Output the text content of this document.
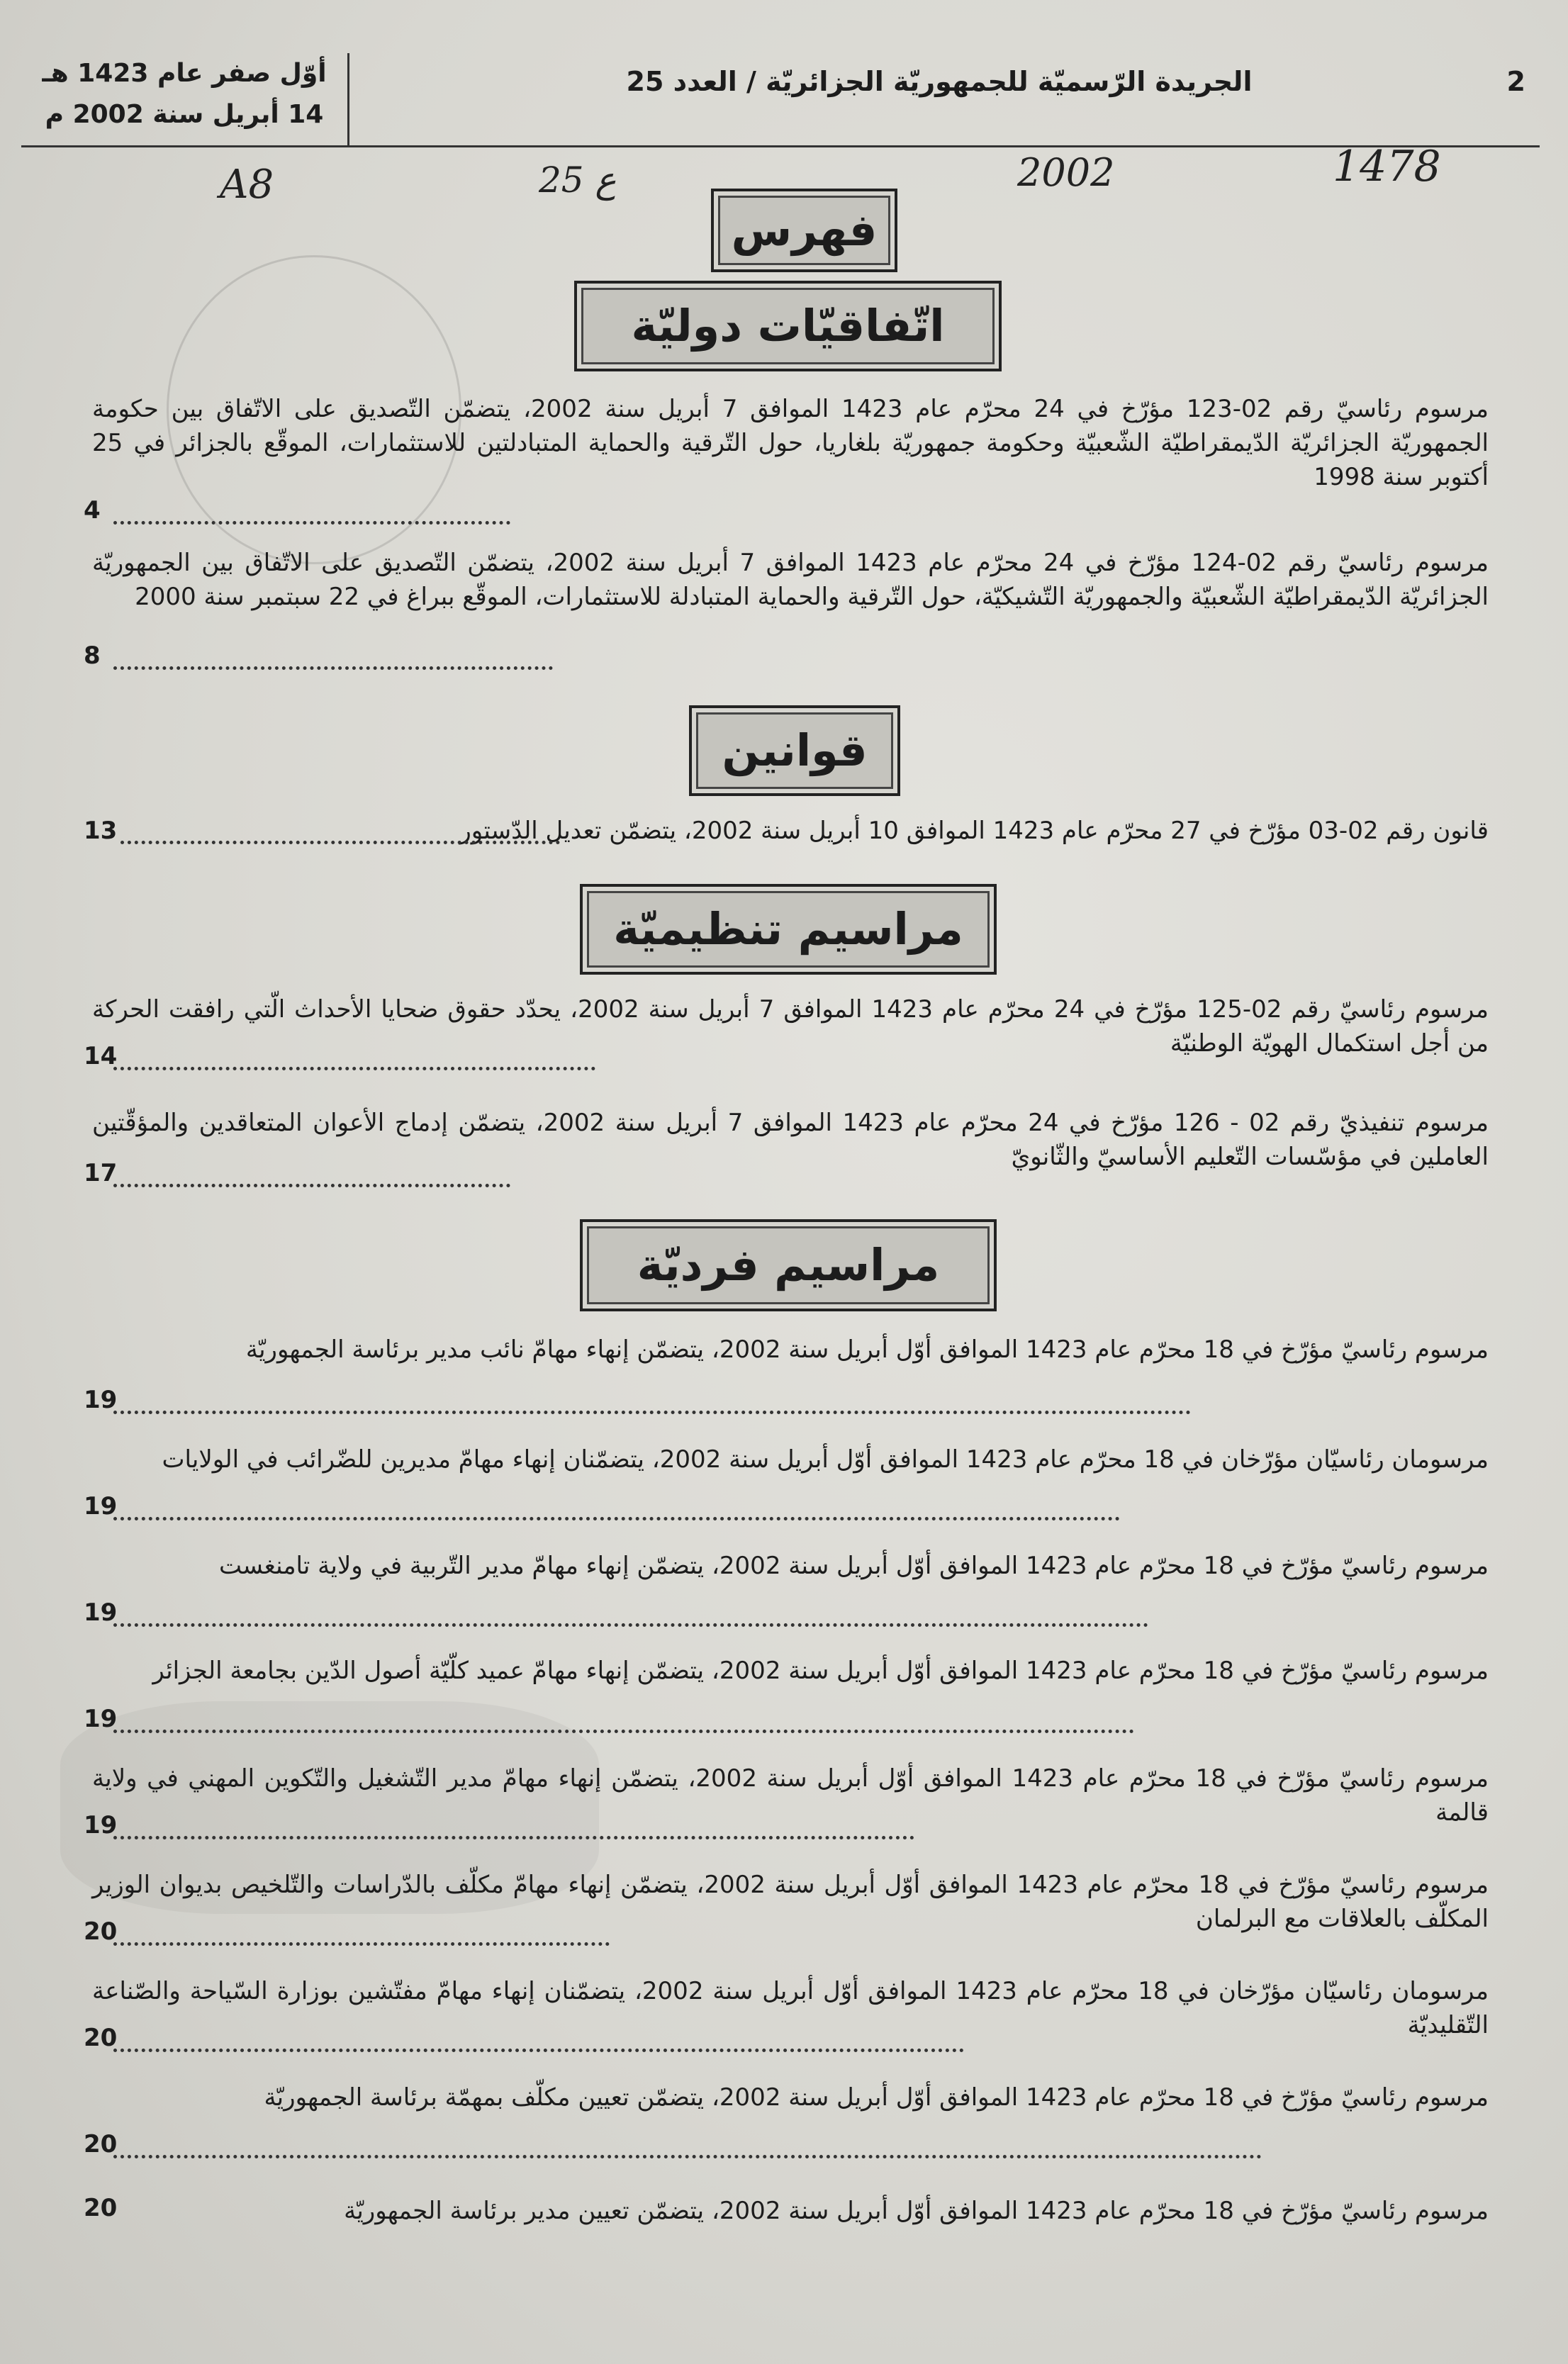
أوّل صفر عام 1423 هـ
14 أبريل سنة 2002 م
الجريدة الرّسميّة للجمهوريّة الجزائريّة / العدد 25	2
A8	25 ع	2002	1478
فهرس
اتّفاقيّات دوليّة
مرسوم رئاسيّ رقم 02-123 مؤرّخ في 24 محرّم عام 1423 الموافق 7 أبريل سنة 2002، يتضمّن التّصديق على الاتّفاق بين حكومة الجمهوريّة الجزائريّة الدّيمقراطيّة الشّعبيّة وحكومة جمهوريّة بلغاريا، حول التّرقية والحماية المتبادلتين للاستثمارات، الموقّع بالجزائر في 25 أكتوبر سنة 1998
4
مرسوم رئاسيّ رقم 02-124 مؤرّخ في 24 محرّم عام 1423 الموافق 7 أبريل سنة 2002، يتضمّن التّصديق على الاتّفاق بين الجمهوريّة الجزائريّة الدّيمقراطيّة الشّعبيّة والجمهوريّة التّشيكيّة، حول التّرقية والحماية المتبادلة للاستثمارات، الموقّع ببراغ في 22 سبتمبر سنة 2000
8
قوانين
قانون رقم 02-03 مؤرّخ في 27 محرّم عام 1423 الموافق 10 أبريل سنة 2002، يتضمّن تعديل الدّستور
13
مراسيم تنظيميّة
مرسوم رئاسيّ رقم 02-125 مؤرّخ في 24 محرّم عام 1423 الموافق 7 أبريل سنة 2002، يحدّد حقوق ضحايا الأحداث الّتي رافقت الحركة من أجل استكمال الهويّة الوطنيّة
14
مرسوم تنفيذيّ رقم 02 - 126 مؤرّخ في 24 محرّم عام 1423 الموافق 7 أبريل سنة 2002، يتضمّن إدماج الأعوان المتعاقدين والمؤقّتين العاملين في مؤسّسات التّعليم الأساسيّ والثّانويّ
17
مراسيم فرديّة
مرسوم رئاسيّ مؤرّخ في 18 محرّم عام 1423 الموافق أوّل أبريل سنة 2002، يتضمّن إنهاء مهامّ نائب مدير برئاسة الجمهوريّة
19
مرسومان رئاسيّان مؤرّخان في 18 محرّم عام 1423 الموافق أوّل أبريل سنة 2002، يتضمّنان إنهاء مهامّ مديرين للضّرائب في الولايات
19
مرسوم رئاسيّ مؤرّخ في 18 محرّم عام 1423 الموافق أوّل أبريل سنة 2002، يتضمّن إنهاء مهامّ مدير التّربية في ولاية تامنغست
19
مرسوم رئاسيّ مؤرّخ في 18 محرّم عام 1423 الموافق أوّل أبريل سنة 2002، يتضمّن إنهاء مهامّ عميد كلّيّة أصول الدّين بجامعة الجزائر
19
مرسوم رئاسيّ مؤرّخ في 18 محرّم عام 1423 الموافق أوّل أبريل سنة 2002، يتضمّن إنهاء مهامّ مدير التّشغيل والتّكوين المهني في ولاية قالمة
19
مرسوم رئاسيّ مؤرّخ في 18 محرّم عام 1423 الموافق أوّل أبريل سنة 2002، يتضمّن إنهاء مهامّ مكلّف بالدّراسات والتّلخيص بديوان الوزير المكلّف بالعلاقات مع البرلمان
20
مرسومان رئاسيّان مؤرّخان في 18 محرّم عام 1423 الموافق أوّل أبريل سنة 2002، يتضمّنان إنهاء مهامّ مفتّشين بوزارة السّياحة والصّناعة التّقليديّة
20
مرسوم رئاسيّ مؤرّخ في 18 محرّم عام 1423 الموافق أوّل أبريل سنة 2002، يتضمّن تعيين مكلّف بمهمّة برئاسة الجمهوريّة
20
مرسوم رئاسيّ مؤرّخ في 18 محرّم عام 1423 الموافق أوّل أبريل سنة 2002، يتضمّن تعيين مدير برئاسة الجمهوريّة
20
